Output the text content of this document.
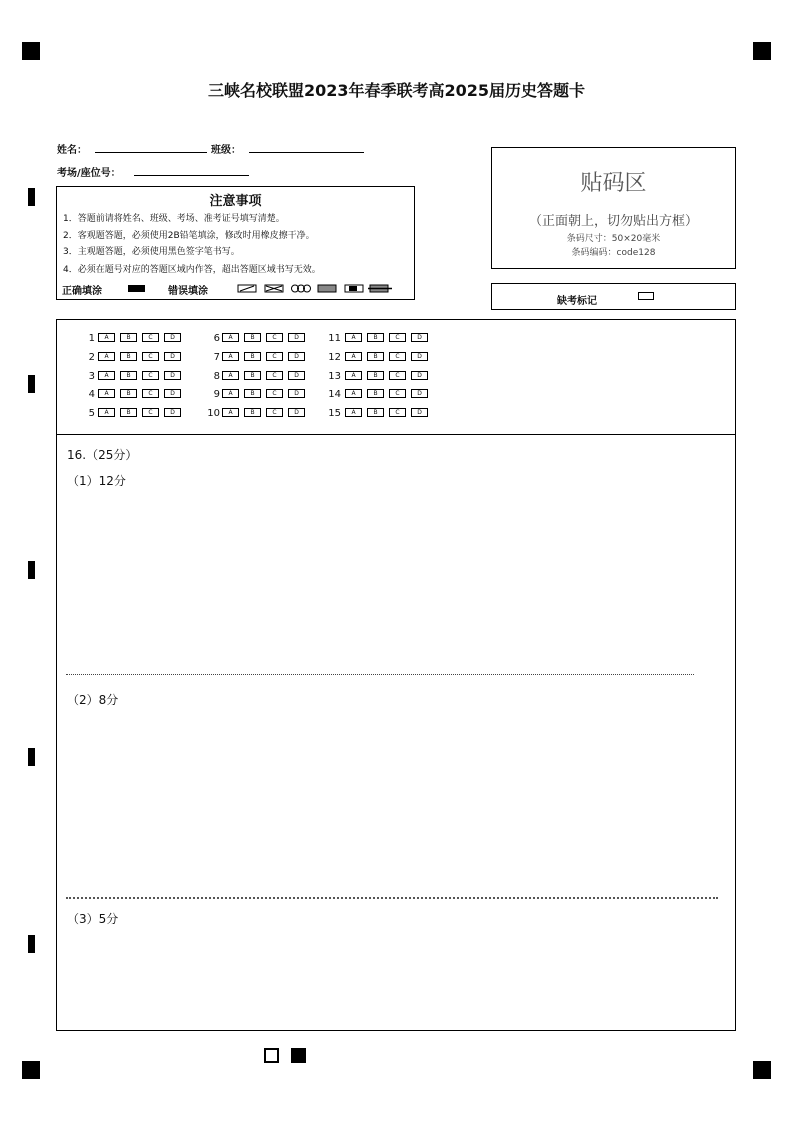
三峡名校联盟2023年春季联考高2025届历史答题卡
姓名：	班级：
考场/座位号：
注意事项
1．答题前请将姓名、班级、考场、准考证号填写清楚。
2．客观题答题，必须使用2B铅笔填涂，修改时用橡皮擦干净。
3．主观题答题，必须使用黑色签字笔书写。
4．必须在题号对应的答题区域内作答，超出答题区域书写无效。
正确填涂	错误填涂
贴码区
（正面朝上，切勿贴出方框）
条码尺寸：50×20毫米
条码编码：code128
缺考标记
1	A	B	C	D
2	A	B	C	D
3	A	B	C	D
4	A	B	C	D
5	A	B	C	D
6	A	B	C	D
7	A	B	C	D
8	A	B	C	D
9	A	B	C	D
10	A	B	C	D
11	A	B	C	D
12	A	B	C	D
13	A	B	C	D
14	A	B	C	D
15	A	B	C	D
16.（25分）
（1）12分
（2）8分
（3）5分
